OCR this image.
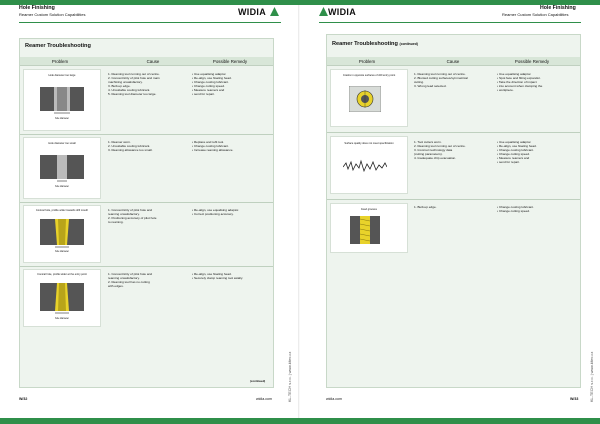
Hole Finishing
Reamer Custom Solution Capabilities	WIDIA	Hole Finishing
Reamer Custom Solution Capabilities
WIDIA
Reamer Troubleshooting
Problem	Cause	Possible Remedy
Hole diameter too large
hole diameter
1. Reaming tool running out of centre.
2. Concentricity of pilot hole and main
machining unsatisfactory.
3. Built-up edge.
4. Unsuitable cooling lubricant.
5. Reaming tool diameter too large.
• Use equalising adaptor.
• Re-align, use floating head.
• Change cooling lubricant.
• Change cutting speed.
• Measure reamers and
• send for repair.
Hole diameter too small
hole diameter
1. Reamer worn.
2. Unsuitable cooling lubricant.
3. Reaming allowance too small.
• Replace and refit tool.
• Change cooling lubricant.
• Increase reaming allowance.
Conical hole, profile wider towards drill mouth
hole diameter
1. Concentricity of pilot hole and
reaming unsatisfactory.
2. Positioning accuracy of pilot hole
to reaming.
• Re-align, use equalising adaptor.
• Correct positioning accuracy.
Conical hole, profile wider at the entry point
hole diameter
1. Concentricity of pilot hole and
reaming unsatisfactory.
2. Reaming tool has no cutting
with edges.
• Re-align, use floating head.
• Securely clamp reaming tool axially.
(continued)
Reamer Troubleshooting (continued)
Problem	Cause	Possible Remedy
Cracks in opposite surfaces of drill entry point	1. Reaming tool running out of centre.
2. Blunted cutting surfaces/symmetrical
cutting.
3. Wrong lead selected.
• Use equalising adaptor.
• Spot face and fitting expandor.
• Take the direction of impact
• into account when clamping the
• workpiece.
Surface quality does not meet specification	1. Tool cutters worn.
2. Reaming tool running out of centre.
3. Incorrect technology data
(cutting parameters).
4. Inadequate chip evacuation.
• Use equalising adaptor.
• Re-align, use floating head.
• Change cooling lubricant.
• Change cutting speed.
• Measure reamers and
• send for repair.
Feed grooves
1. Built-up edge.
•	Change cooling lubricant.
• Change cutting speed.
W/32	widia.com	widia.com	W/33
KL-TECH s.r.o. | www.kltec.cz	KL-TECH s.r.o. | www.kltec.cz
